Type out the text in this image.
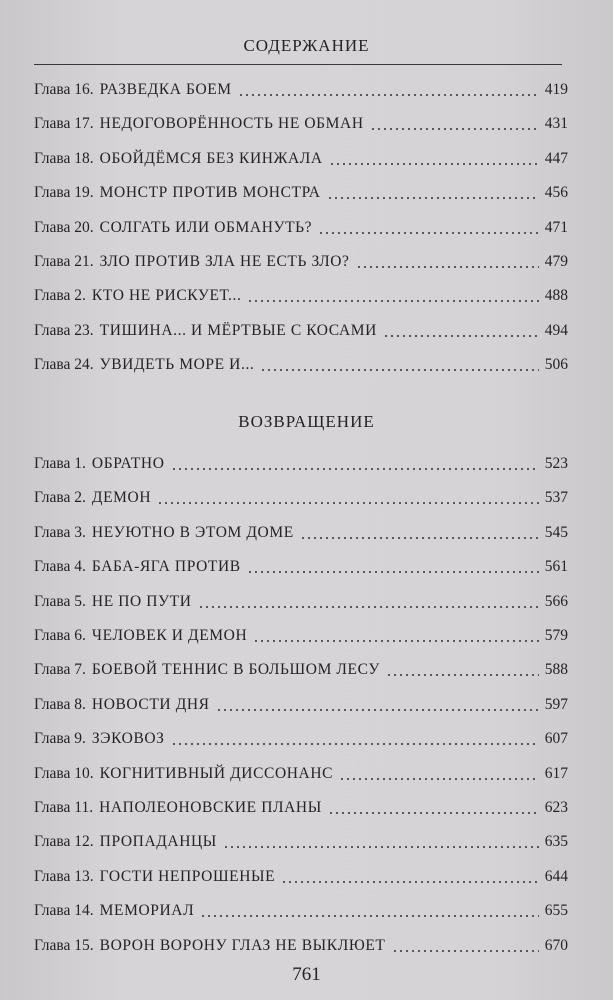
СОДЕРЖАНИЕ
Глава 16. РАЗВЕДКА БОЕМ	419
Глава 17. НЕДОГОВОРЁННОСТЬ НЕ ОБМАН	431
Глава 18. ОБОЙДЁМСЯ БЕЗ КИНЖАЛА	447
Глава 19. МОНСТР ПРОТИВ МОНСТРА	456
Глава 20. СОЛГАТЬ ИЛИ ОБМАНУТЬ?	471
Глава 21. ЗЛО ПРОТИВ ЗЛА НЕ ЕСТЬ ЗЛО?	479
Глава 2. КТО НЕ РИСКУЕТ...	488
Глава 23. ТИШИНА... И МЁРТВЫЕ С КОСАМИ	494
Глава 24. УВИДЕТЬ МОРЕ И...	506
ВОЗВРАЩЕНИЕ
Глава 1. ОБРАТНО	523
Глава 2. ДЕМОН	537
Глава 3. НЕУЮТНО В ЭТОМ ДОМЕ	545
Глава 4. БАБА-ЯГА ПРОТИВ	561
Глава 5. НЕ ПО ПУТИ	566
Глава 6. ЧЕЛОВЕК И ДЕМОН	579
Глава 7. БОЕВОЙ ТЕННИС В БОЛЬШОМ ЛЕСУ	588
Глава 8. НОВОСТИ ДНЯ	597
Глава 9. ЗЭКОВОЗ	607
Глава 10. КОГНИТИВНЫЙ ДИССОНАНС	617
Глава 11. НАПОЛЕОНОВСКИЕ ПЛАНЫ	623
Глава 12. ПРОПАДАНЦЫ	635
Глава 13. ГОСТИ НЕПРОШЕНЫЕ	644
Глава 14. МЕМОРИАЛ	655
Глава 15. ВОРОН ВОРОНУ ГЛАЗ НЕ ВЫКЛЮЕТ	670
761
